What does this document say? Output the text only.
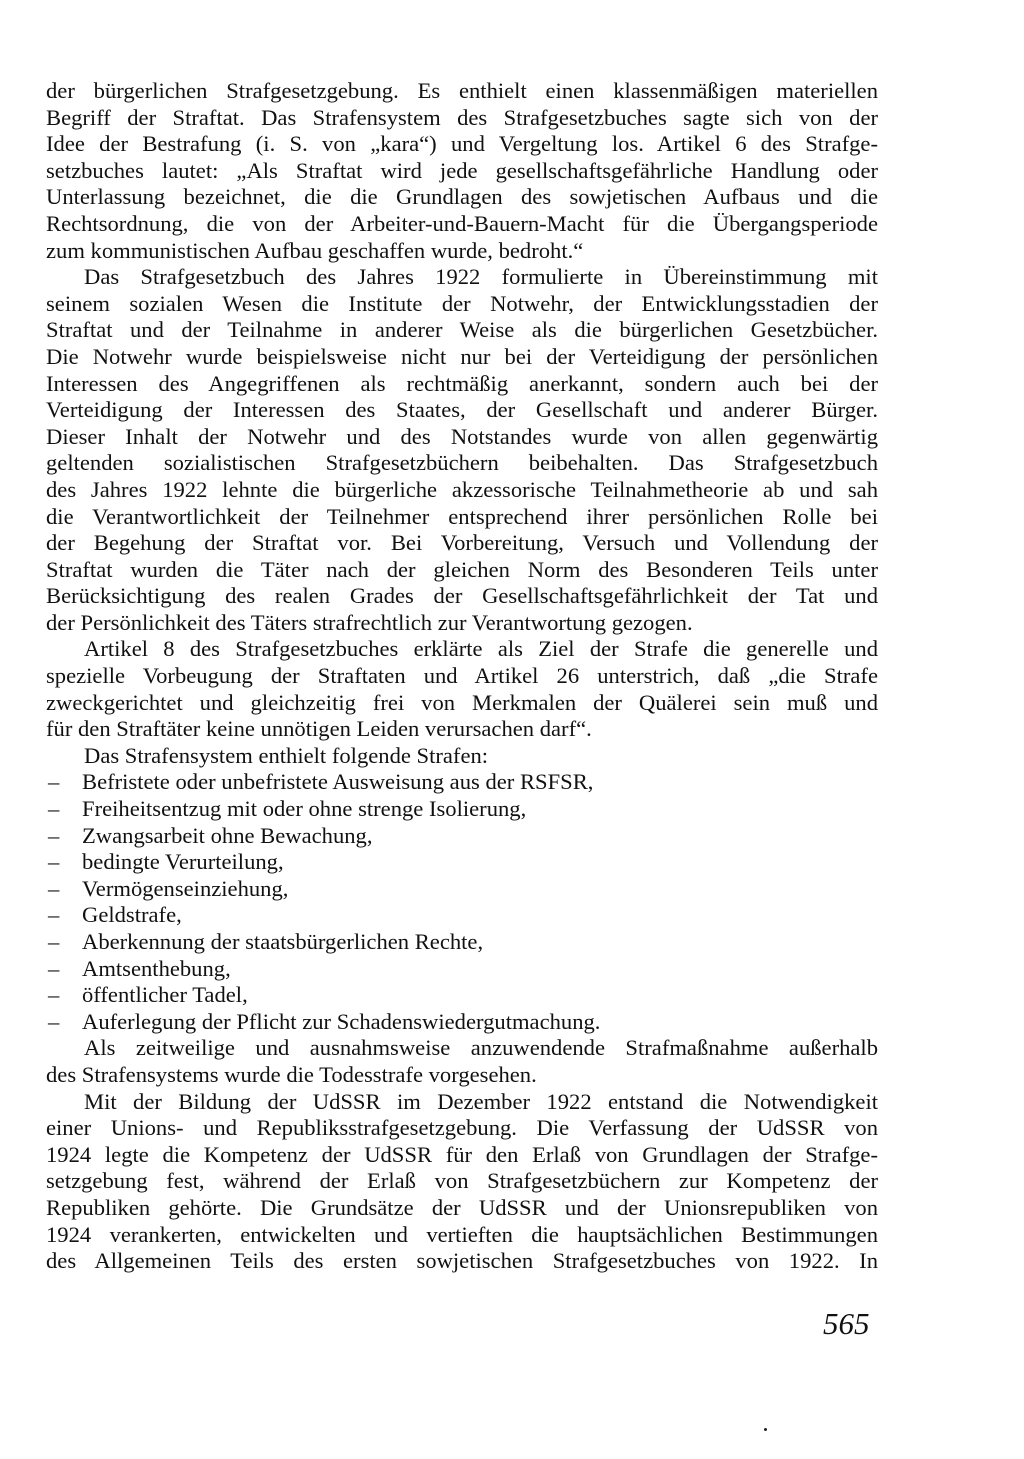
der bürgerlichen Strafgesetzgebung. Es enthielt einen klassenmäßigen materiellen
Begriff der Straftat. Das Strafensystem des Strafgesetzbuches sagte sich von der
Idee der Bestrafung (i. S. von „kara“) und Vergeltung los. Artikel 6 des Strafge-
setzbuches lautet: „Als Straftat wird jede gesellschaftsgefährliche Handlung oder
Unterlassung bezeichnet, die die Grundlagen des sowjetischen Aufbaus und die
Rechtsordnung, die von der Arbeiter-und-Bauern-Macht für die Übergangsperiode
zum kommunistischen Aufbau geschaffen wurde, bedroht.“
Das Strafgesetzbuch des Jahres 1922 formulierte in Übereinstimmung mit
seinem sozialen Wesen die Institute der Notwehr, der Entwicklungsstadien der
Straftat und der Teilnahme in anderer Weise als die bürgerlichen Gesetzbücher.
Die Notwehr wurde beispielsweise nicht nur bei der Verteidigung der persönlichen
Interessen des Angegriffenen als rechtmäßig anerkannt, sondern auch bei der
Verteidigung der Interessen des Staates, der Gesellschaft und anderer Bürger.
Dieser Inhalt der Notwehr und des Notstandes wurde von allen gegenwärtig
geltenden sozialistischen Strafgesetzbüchern beibehalten. Das Strafgesetzbuch
des Jahres 1922 lehnte die bürgerliche akzessorische Teilnahmetheorie ab und sah
die Verantwortlichkeit der Teilnehmer entsprechend ihrer persönlichen Rolle bei
der Begehung der Straftat vor. Bei Vorbereitung, Versuch und Vollendung der
Straftat wurden die Täter nach der gleichen Norm des Besonderen Teils unter
Berücksichtigung des realen Grades der Gesellschaftsgefährlichkeit der Tat und
der Persönlichkeit des Täters strafrechtlich zur Verantwortung gezogen.
Artikel 8 des Strafgesetzbuches erklärte als Ziel der Strafe die generelle und
spezielle Vorbeugung der Straftaten und Artikel 26 unterstrich, daß „die Strafe
zweckgerichtet und gleichzeitig frei von Merkmalen der Quälerei sein muß und
für den Straftäter keine unnötigen Leiden verursachen darf“.
Das Strafensystem enthielt folgende Strafen:
–	Befristete oder unbefristete Ausweisung aus der RSFSR,
–	Freiheitsentzug mit oder ohne strenge Isolierung,
–	Zwangsarbeit ohne Bewachung,
–	bedingte Verurteilung,
–	Vermögenseinziehung,
–	Geldstrafe,
–	Aberkennung der staatsbürgerlichen Rechte,
–	Amtsenthebung,
–	öffentlicher Tadel,
–	Auferlegung der Pflicht zur Schadenswiedergutmachung.
Als zeitweilige und ausnahmsweise anzuwendende Strafmaßnahme außerhalb
des Strafensystems wurde die Todesstrafe vorgesehen.
Mit der Bildung der UdSSR im Dezember 1922 entstand die Notwendigkeit
einer Unions- und Republiksstrafgesetzgebung. Die Verfassung der UdSSR von
1924 legte die Kompetenz der UdSSR für den Erlaß von Grundlagen der Strafge-
setzgebung fest, während der Erlaß von Strafgesetzbüchern zur Kompetenz der
Republiken gehörte. Die Grundsätze der UdSSR und der Unionsrepubliken von
1924 verankerten, entwickelten und vertieften die hauptsächlichen Bestimmungen
des Allgemeinen Teils des ersten sowjetischen Strafgesetzbuches von 1922. In
565
